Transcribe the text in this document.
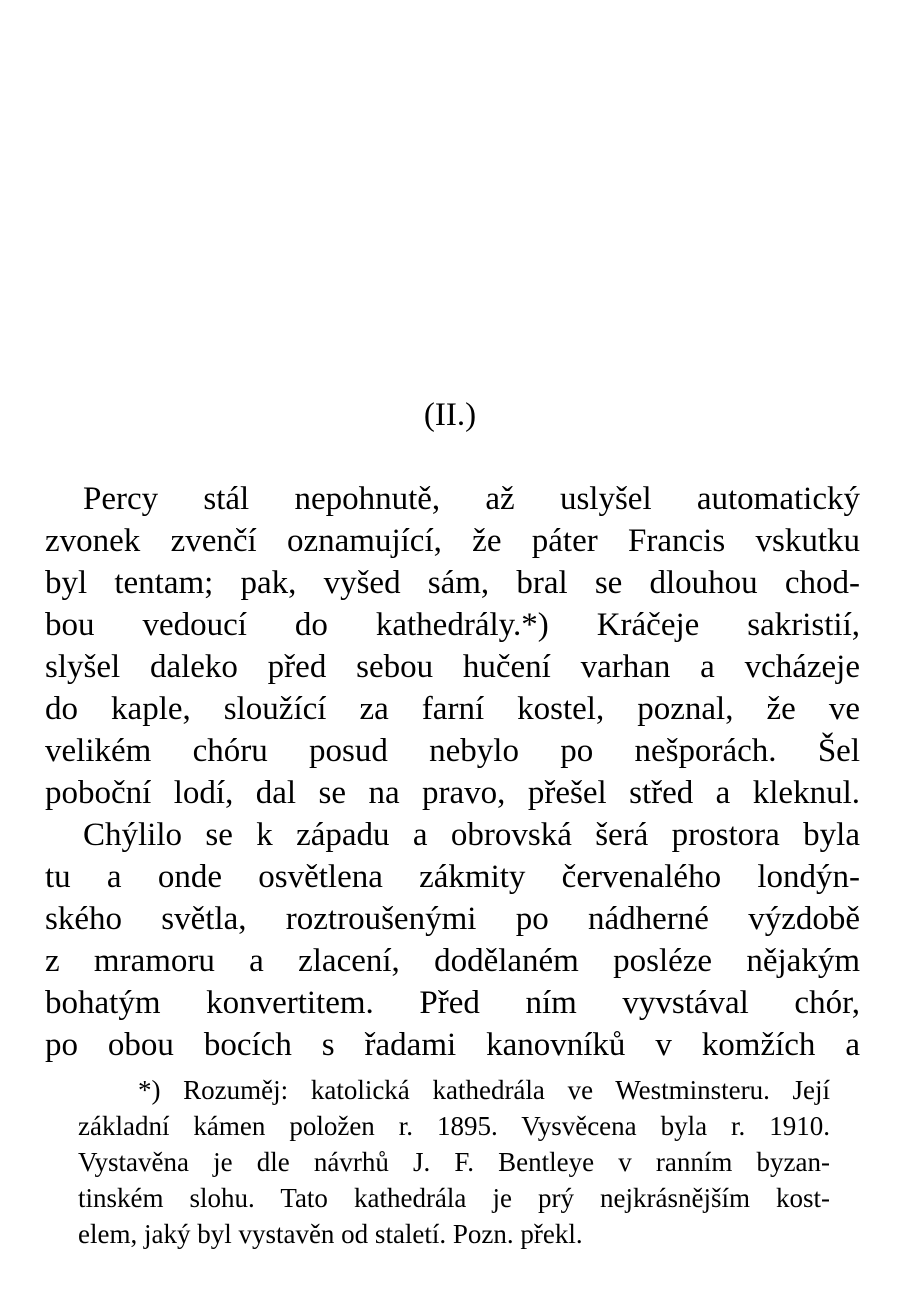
(II.)
Percy stál nepohnutě, až uslyšel automatický
zvonek zvenčí oznamující, že páter Francis vskutku
byl tentam; pak, vyšed sám, bral se dlouhou chod-
bou vedoucí do kathedrály.*) Kráčeje sakristií,
slyšel daleko před sebou hučení varhan a vcházeje
do kaple, sloužící za farní kostel, poznal, že ve
velikém chóru posud nebylo po nešporách. Šel
poboční lodí, dal se na pravo, přešel střed a kleknul.
Chýlilo se k západu a obrovská šerá prostora byla
tu a onde osvětlena zákmity červenalého londýn-
ského světla, roztroušenými po nádherné výzdobě
z mramoru a zlacení, dodělaném posléze nějakým
bohatým konvertitem. Před ním vyvstával chór,
po obou bocích s řadami kanovníků v komžích a
*) Rozuměj: katolická kathedrála ve Westminsteru. Její
základní kámen položen r. 1895. Vysvěcena byla r. 1910.
Vystavěna je dle návrhů J. F. Bentleye v ranním byzan-
tinském slohu. Tato kathedrála je prý nejkrásnějším kost-
elem, jaký byl vystavěn od staletí. Pozn. překl.
